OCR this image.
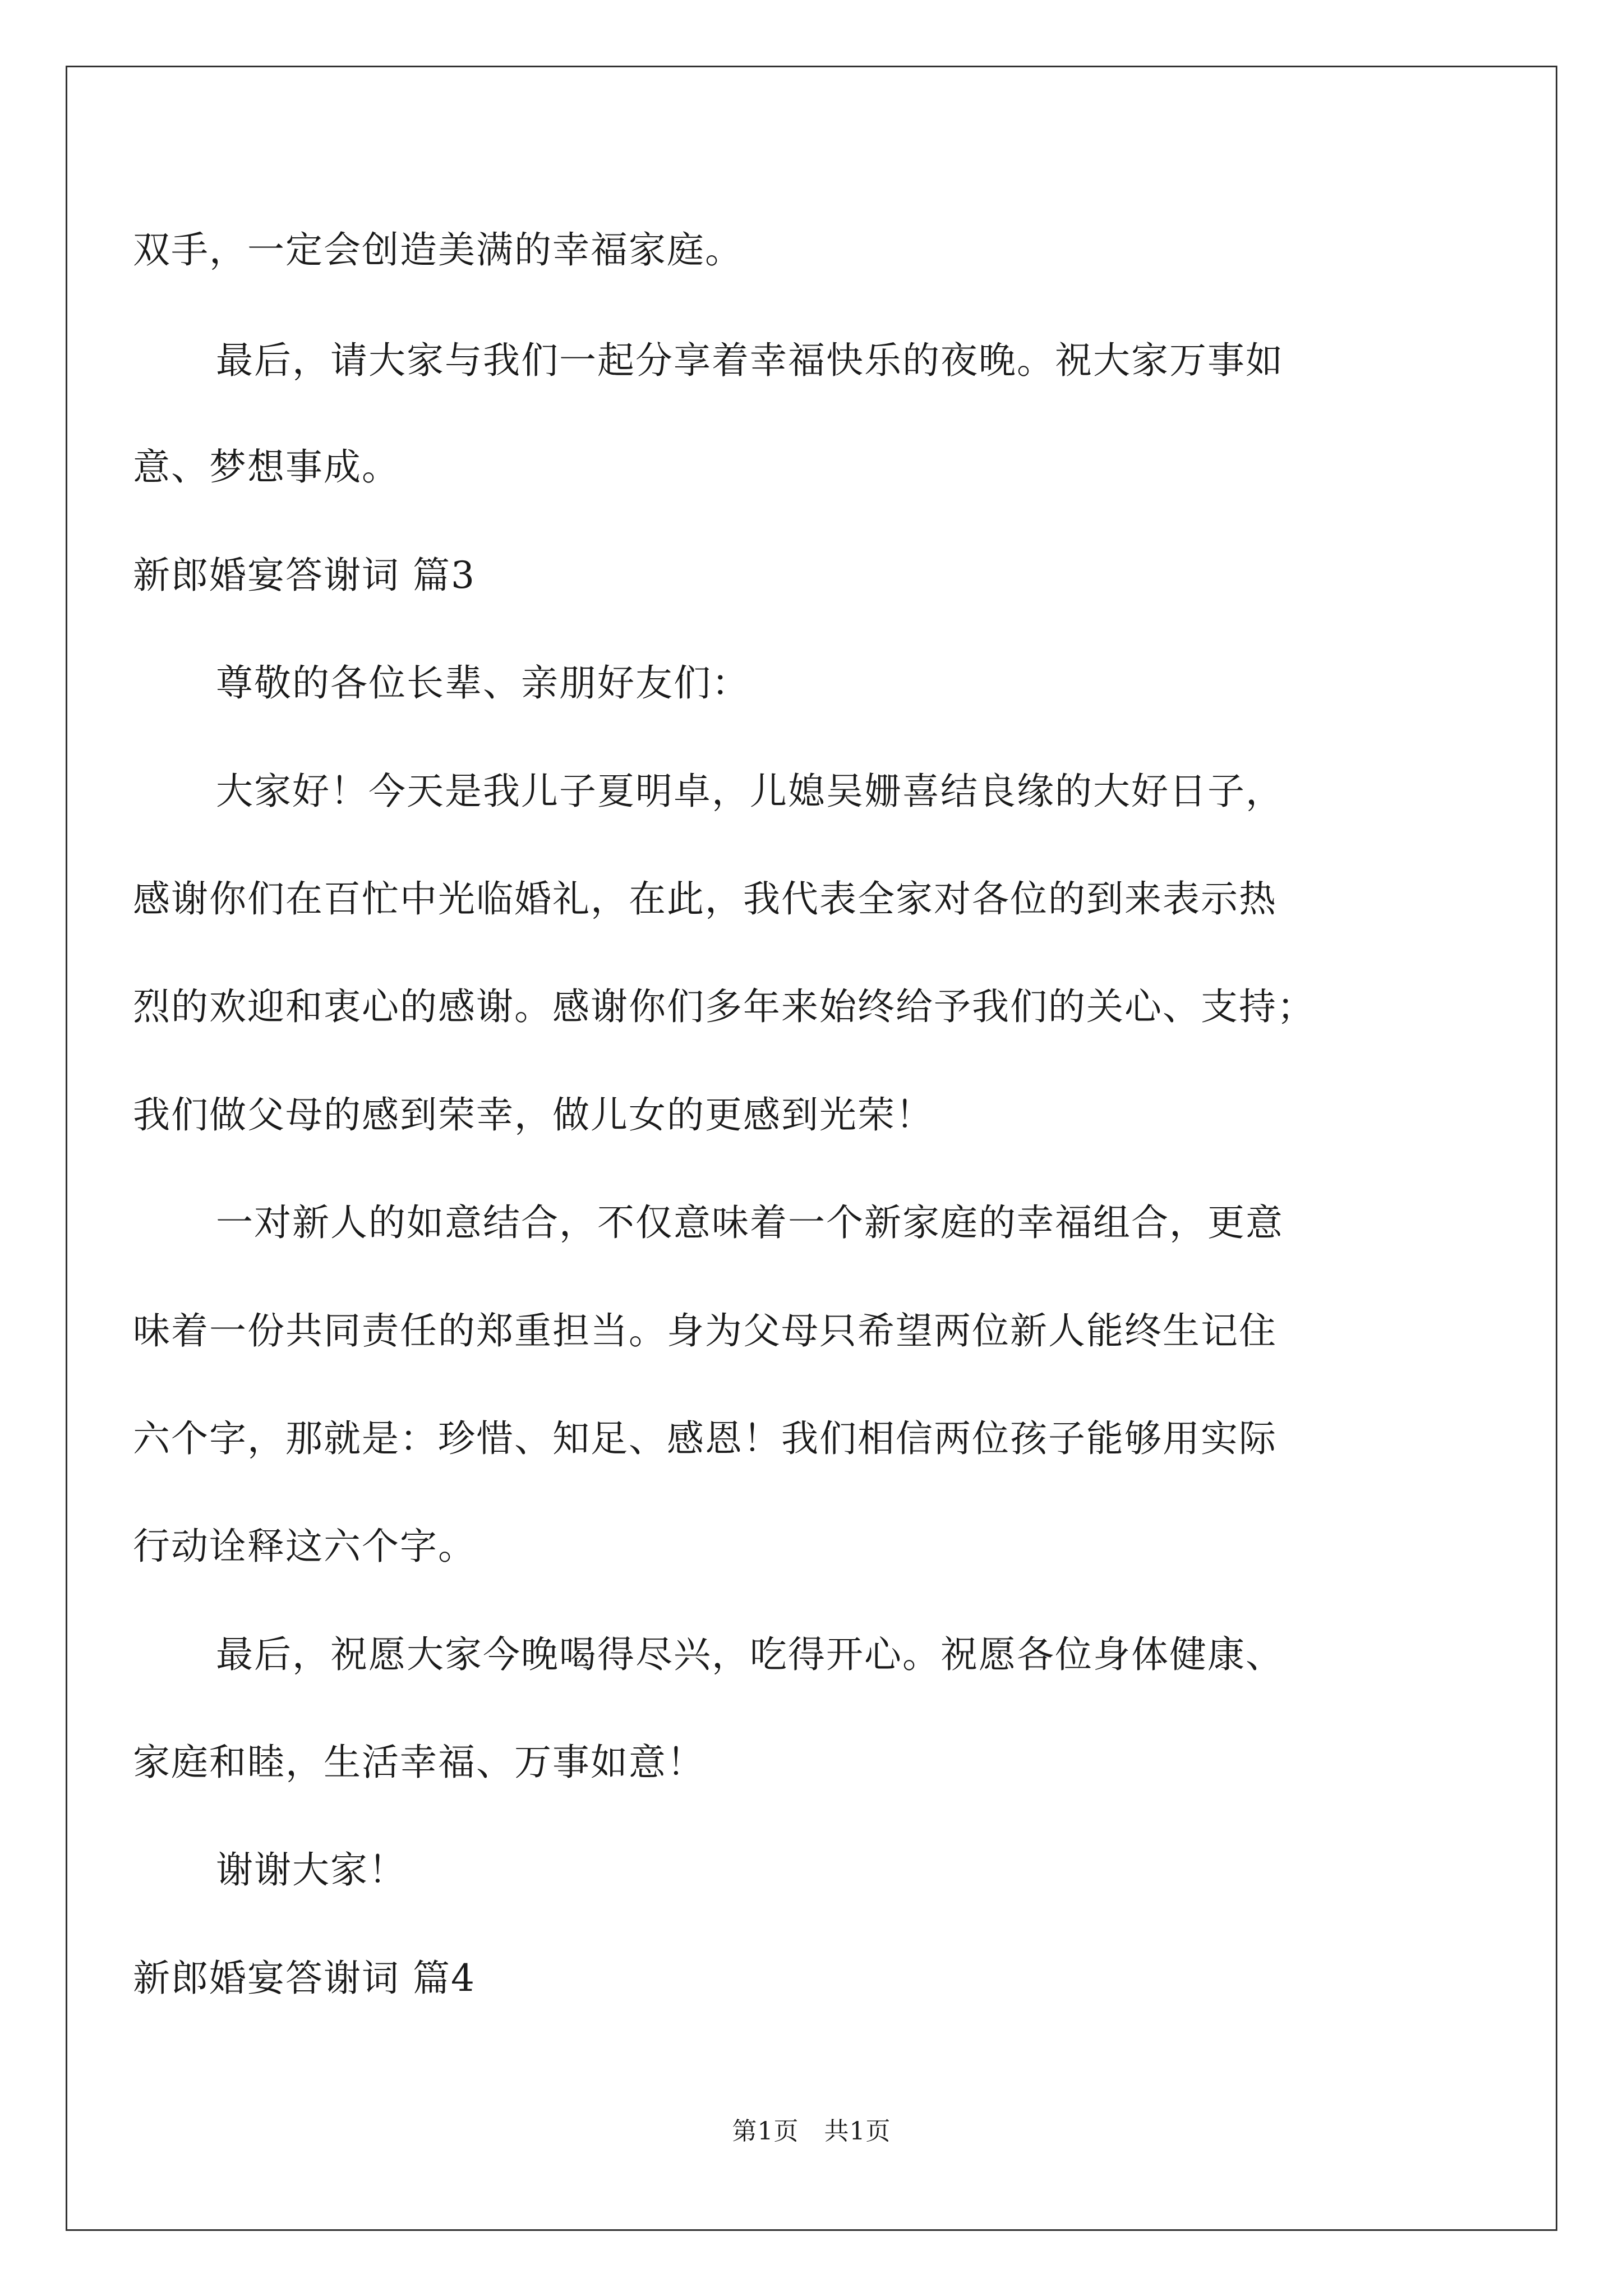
双手，一定会创造美满的幸福家庭。
最后，请大家与我们一起分享着幸福快乐的夜晚。祝大家万事如
意、梦想事成。
新郎婚宴答谢词 篇3
尊敬的各位长辈、亲朋好友们：
大家好！今天是我儿子夏明卓，儿媳吴姗喜结良缘的大好日子，
感谢你们在百忙中光临婚礼，在此，我代表全家对各位的到来表示热
烈的欢迎和衷心的感谢。感谢你们多年来始终给予我们的关心、支持；
我们做父母的感到荣幸，做儿女的更感到光荣！
一对新人的如意结合，不仅意味着一个新家庭的幸福组合，更意
味着一份共同责任的郑重担当。身为父母只希望两位新人能终生记住
六个字，那就是：珍惜、知足、感恩！我们相信两位孩子能够用实际
行动诠释这六个字。
最后，祝愿大家今晚喝得尽兴，吃得开心。祝愿各位身体健康、
家庭和睦，生活幸福、万事如意！
谢谢大家！
新郎婚宴答谢词 篇4
第1页　共1页
